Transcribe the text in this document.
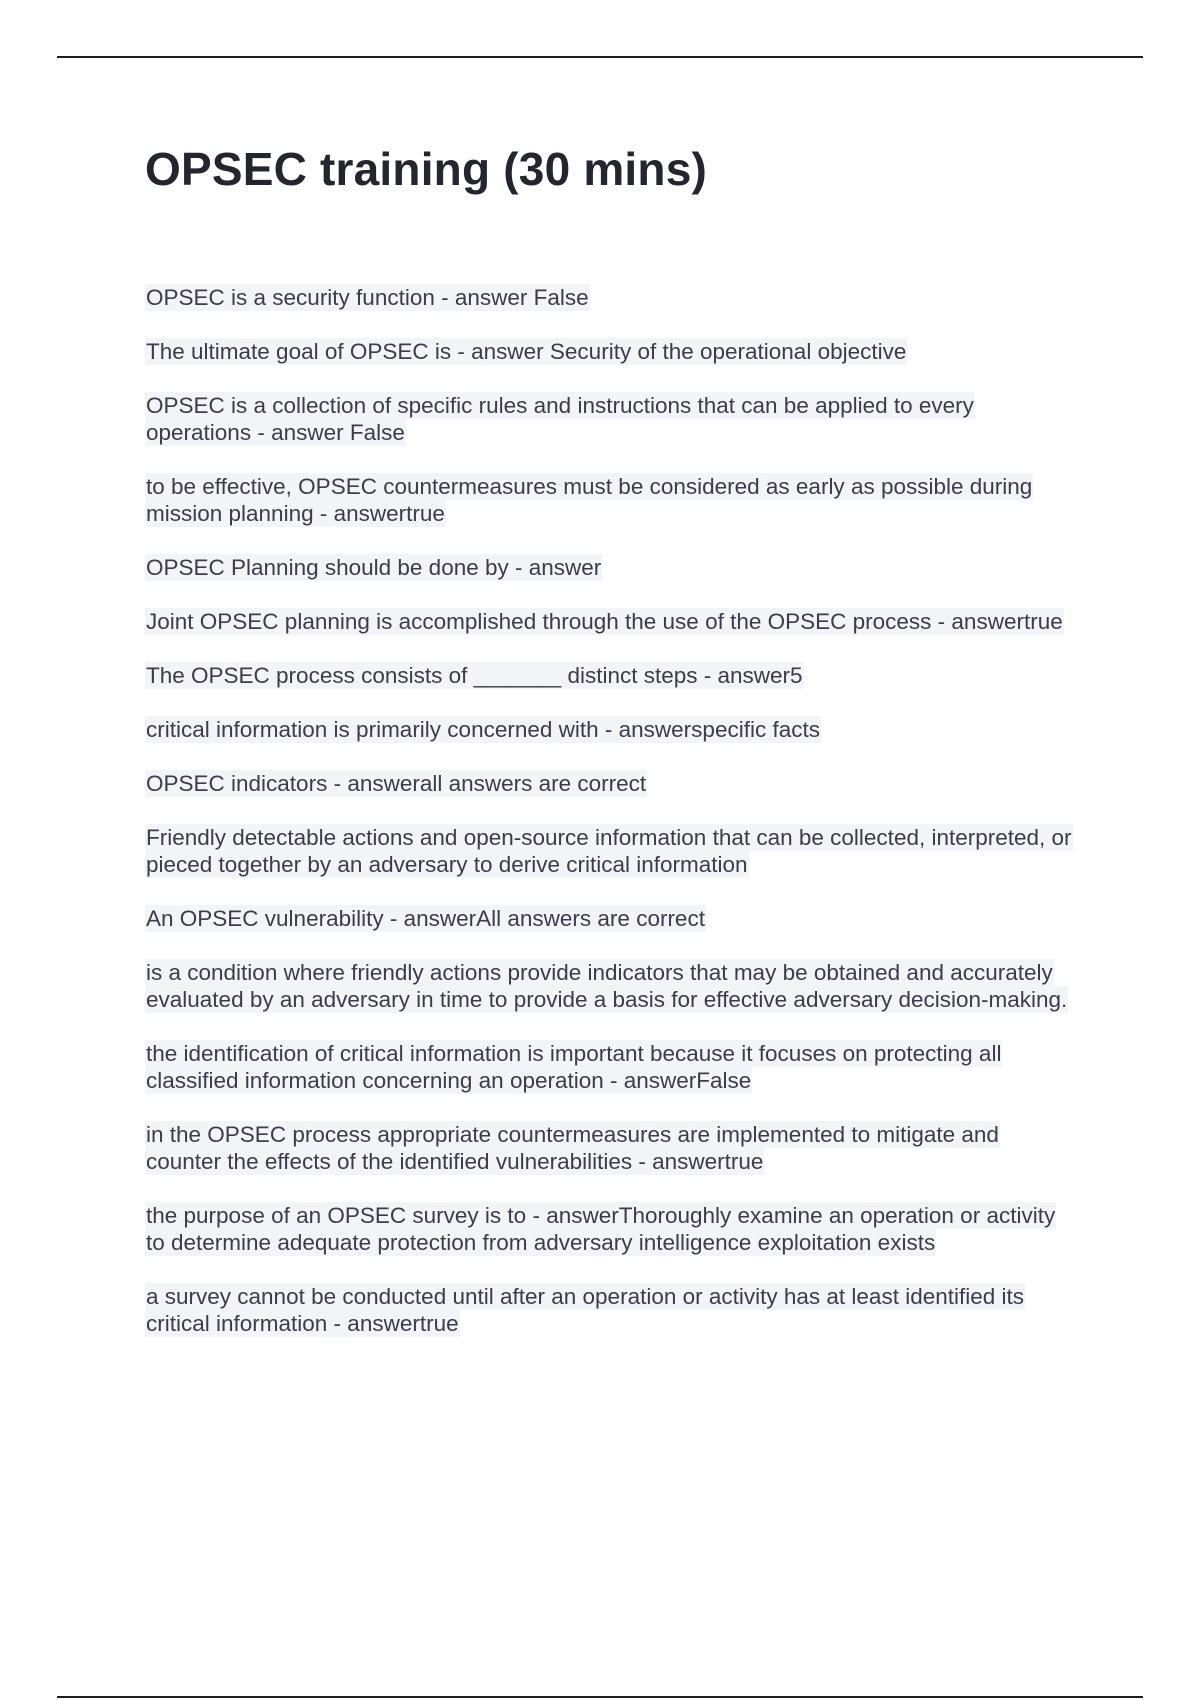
OPSEC training (30 mins)
OPSEC is a security function - answer False
The ultimate goal of OPSEC is - answer Security of the operational objective
OPSEC is a collection of specific rules and instructions that can be applied to every operations - answer False
to be effective, OPSEC countermeasures must be considered as early as possible during mission planning - answertrue
OPSEC Planning should be done by - answer
Joint OPSEC planning is accomplished through the use of the OPSEC process - answertrue
The OPSEC process consists of _______ distinct steps - answer5
critical information is primarily concerned with - answerspecific facts
OPSEC indicators - answerall answers are correct
Friendly detectable actions and open-source information that can be collected, interpreted, or pieced together by an adversary to derive critical information
An OPSEC vulnerability - answerAll answers are correct
is a condition where friendly actions provide indicators that may be obtained and accurately evaluated by an adversary in time to provide a basis for effective adversary decision-making.
the identification of critical information is important because it focuses on protecting all classified information concerning an operation - answerFalse
in the OPSEC process appropriate countermeasures are implemented to mitigate and counter the effects of the identified vulnerabilities - answertrue
the purpose of an OPSEC survey is to - answerThoroughly examine an operation or activity to determine adequate protection from adversary intelligence exploitation exists
a survey cannot be conducted until after an operation or activity has at least identified its critical information - answertrue
